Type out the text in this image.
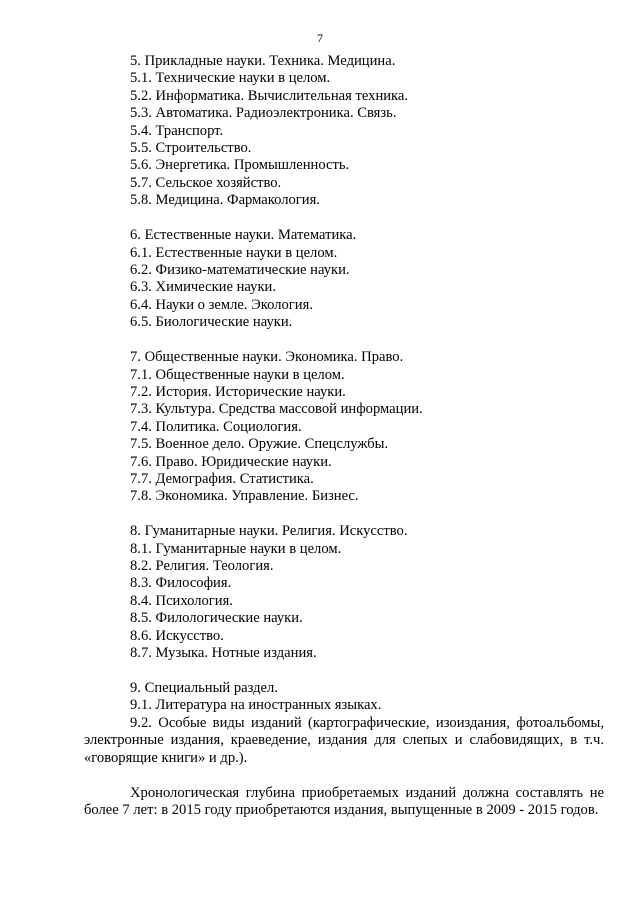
7
5. Прикладные науки. Техника. Медицина.
5.1. Технические науки в целом.
5.2. Информатика. Вычислительная техника.
5.3. Автоматика. Радиоэлектроника. Связь.
5.4. Транспорт.
5.5. Строительство.
5.6. Энергетика. Промышленность.
5.7. Сельское хозяйство.
5.8. Медицина. Фармакология.
6. Естественные науки. Математика.
6.1. Естественные науки в целом.
6.2. Физико-математические науки.
6.3. Химические науки.
6.4. Науки о земле. Экология.
6.5. Биологические науки.
7. Общественные науки. Экономика. Право.
7.1. Общественные науки в целом.
7.2. История. Исторические науки.
7.3. Культура. Средства массовой информации.
7.4. Политика. Социология.
7.5. Военное дело. Оружие. Спецслужбы.
7.6. Право. Юридические науки.
7.7. Демография. Статистика.
7.8. Экономика. Управление. Бизнес.
8. Гуманитарные науки. Религия. Искусство.
8.1. Гуманитарные науки в целом.
8.2. Религия. Теология.
8.3. Философия.
8.4. Психология.
8.5. Филологические науки.
8.6. Искусство.
8.7. Музыка. Нотные издания.
9. Специальный раздел.
9.1. Литература на иностранных языках.
9.2. Особые виды изданий (картографические, изоиздания, фотоальбомы, электронные издания, краеведение, издания для слепых и слабовидящих, в т.ч. «говорящие книги» и др.).
Хронологическая глубина приобретаемых изданий должна составлять не более 7 лет: в 2015 году приобретаются издания, выпущенные в 2009 - 2015 годов.
